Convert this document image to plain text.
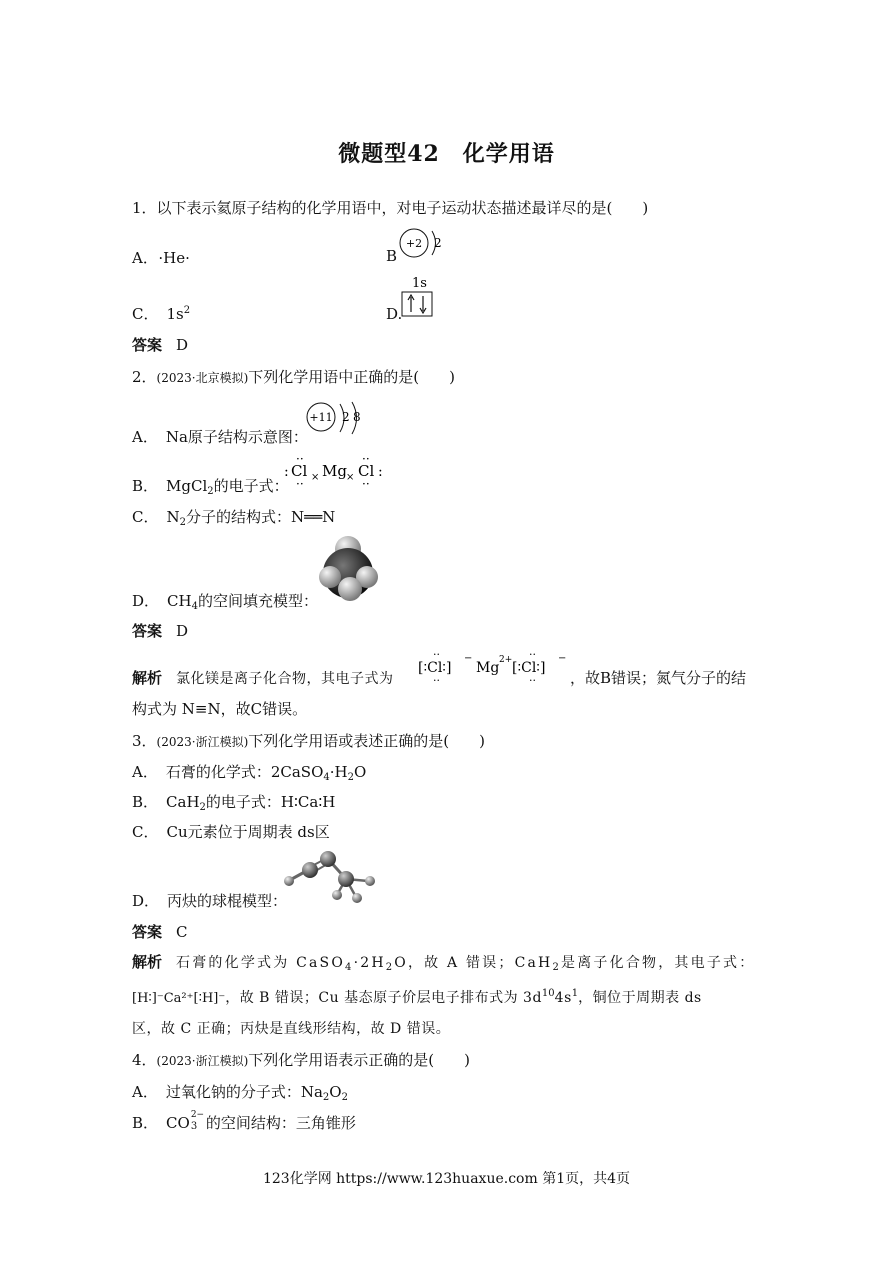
微题型42　化学用语
1．以下表示氦原子结构的化学用语中，对电子运动状态描述最详尽的是( )
A． ·He·	B
+2 2
C． $1s^2$	D.
1s
答案 D
2．(2023·北京模拟)下列化学用语中正确的是( )
A． Na原子结构示意图：
+11 2 8
B． MgCl$_2$的电子式：
: Cl
··
·· × Mg × Cl
··
··
:
C． $N_2$分子的结构式：N══N
D． $CH_4$的空间填充模型：
答案 D
解析 氯化镁是离子化合物，其电子式为
[∶Cl∶]
··
··
−
Mg 2+ [∶Cl∶]
··
··
−
，故B错误；氮气分子的结
构式为 N≡N，故C错误。
3．(2023·浙江模拟)下列化学用语或表述正确的是( )
A． 石膏的化学式：$2CaSO_4\cdot H_2O$
B． CaH$_2$的电子式：H∶Ca∶H
C． Cu元素位于周期表 ds区
D． 丙炔的球棍模型：
答案 C
解析 石膏的化学式为 $CaSO_4\cdot 2H_2O$，故 A 错误；CaH$_2$是离子化合物，其电子式：
[H∶]⁻Ca²⁺[∶H]⁻，故 B 错误；Cu 基态原子价层电子排布式为 $3d^{10}4s^1$，铜位于周期表 ds
区，故 C 正确；丙炔是直线形结构，故 D 错误。
4．(2023·浙江模拟)下列化学用语表示正确的是( )
A． 过氧化钠的分子式：$Na_2O_2$
B． CO 2−
3 的空间结构：三角锥形
123化学网 https://www.123huaxue.com 第1页，共4页
